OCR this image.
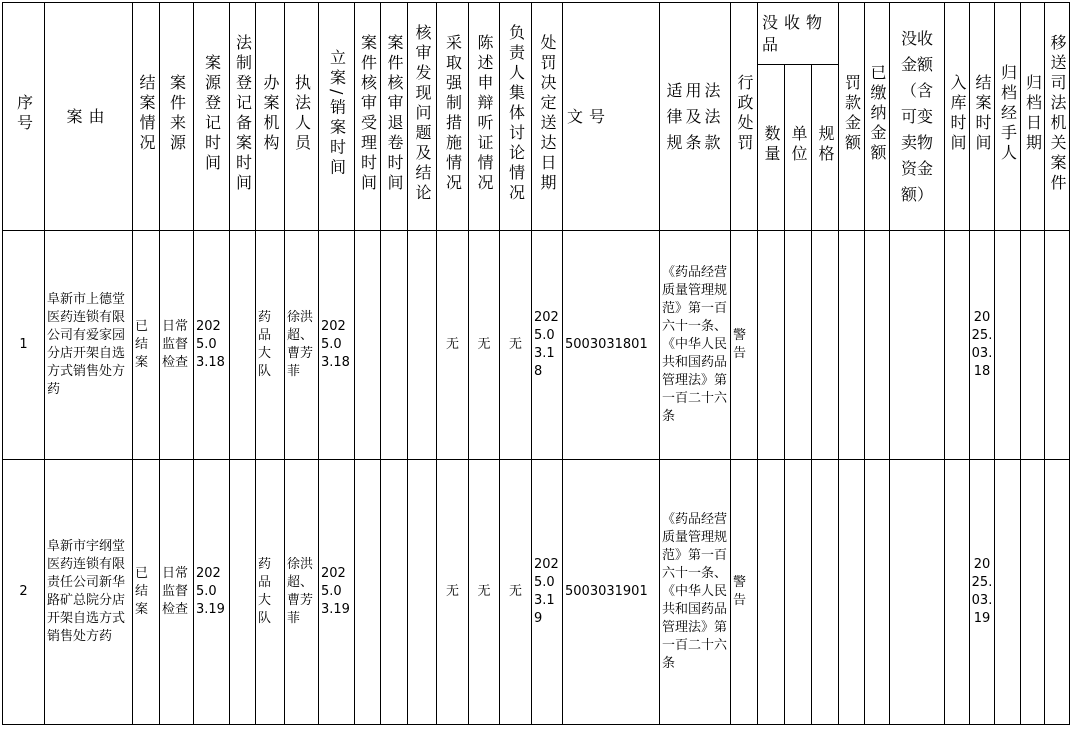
序号	案由	结案情况	案件来源	案源登记时间	法制登记备案时间	办案机构	执法人员	立案/销案时间	案件核审受理时间	案件核审退卷时间	核审发现问题及结论	采取强制措施情况	陈述申辩听证情况	负责人集体讨论情况	处罚决定送达日期	文号	适用法律及法规条款	行政处罚	没收物品			罚款金额	已缴纳金额	没收金额（含可变卖物资金额）	入库时间	结案时间	归档经手人	归档日期	移送司法机关案件
																			数量	单位	规格								
1	阜新市上德堂医药连锁有限公司有爱家园分店开架自选方式销售处方药	已结案	日常监督检查	2025.03.18		药品大队	徐洪超、曹芳菲	2025.03.18				无	无	无	2025.03.18	5003031801	《药品经营质量管理规范》第一百六十一条、《中华人民共和国药品管理法》第一百二十六条	警告								2025.03.18			
2	阜新市宇纲堂医药连锁有限责任公司新华路矿总院分店开架自选方式销售处方药	已结案	日常监督检查	2025.03.19		药品大队	徐洪超、曹芳菲	2025.03.19				无	无	无	2025.03.19	5003031901	《药品经营质量管理规范》第一百六十一条、《中华人民共和国药品管理法》第一百二十六条	警告								2025.03.19			
